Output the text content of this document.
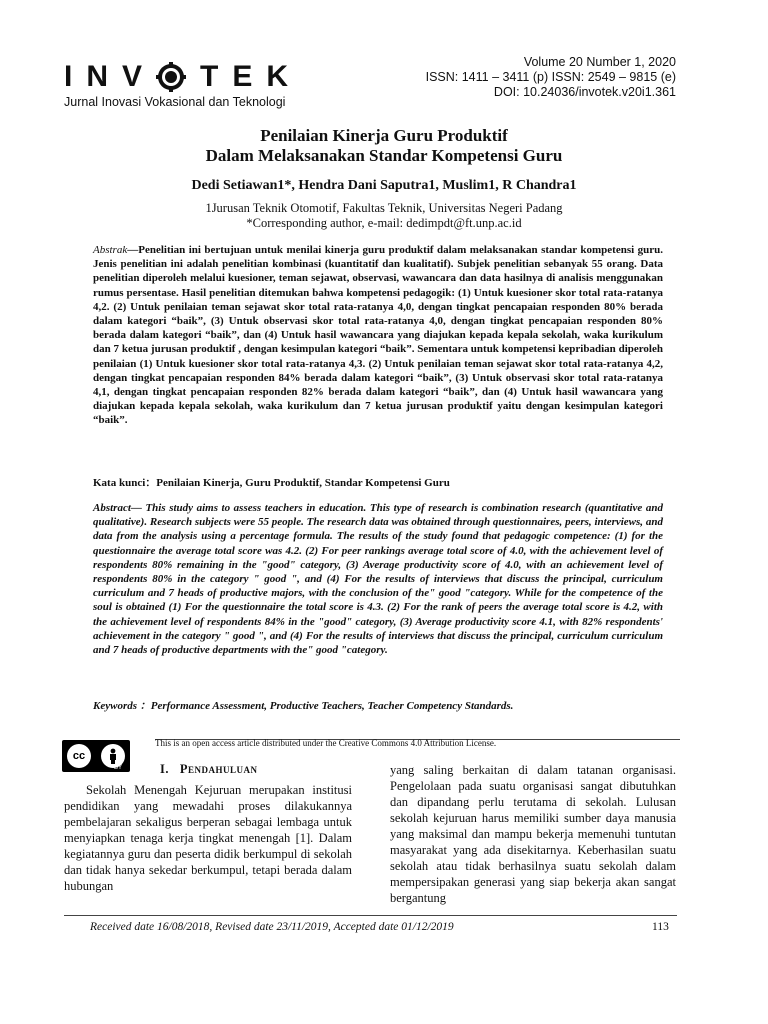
INV TEK
Jurnal Inovasi Vokasional dan Teknologi
Volume 20 Number 1, 2020
ISSN: 1411 – 3411 (p) ISSN: 2549 – 9815 (e)
DOI: 10.24036/invotek.v20i1.361
Penilaian Kinerja Guru Produktif
Dalam Melaksanakan Standar Kompetensi Guru
Dedi Setiawan1*, Hendra Dani Saputra1, Muslim1, R Chandra1
1Jurusan Teknik Otomotif, Fakultas Teknik, Universitas Negeri Padang
*Corresponding author, e-mail: dedimpdt@ft.unp.ac.id
Abstrak—Penelitian ini bertujuan untuk menilai kinerja guru produktif dalam melaksanakan standar kompetensi guru. Jenis penelitian ini adalah penelitian kombinasi (kuantitatif dan kualitatif). Subjek penelitian sebanyak 55 orang. Data penelitian diperoleh melalui kuesioner, teman sejawat, observasi, wawancara dan data hasilnya di analisis menggunakan rumus persentase. Hasil penelitian ditemukan bahwa kompetensi pedagogik: (1) Untuk kuesioner skor total rata-ratanya 4,2. (2) Untuk penilaian teman sejawat skor total rata-ratanya 4,0, dengan tingkat pencapaian responden 80% berada dalam kategori “baik”, (3) Untuk observasi skor total rata-ratanya 4,0, dengan tingkat pencapaian responden 80% berada dalam kategori “baik”, dan (4) Untuk hasil wawancara yang diajukan kepada kepala sekolah, waka kurikulum dan 7 ketua jurusan produktif , dengan kesimpulan kategori “baik”. Sementara untuk kompetensi kepribadian diperoleh penilaian (1) Untuk kuesioner skor total rata-ratanya 4,3. (2) Untuk penilaian teman sejawat skor total rata-ratanya 4,2, dengan tingkat pencapaian responden 84% berada dalam kategori “baik”, (3) Untuk observasi skor total rata-ratanya 4,1, dengan tingkat pencapaian responden 82% berada dalam kategori “baik”, dan (4) Untuk hasil wawancara yang diajukan kepada kepala sekolah, waka kurikulum dan 7 ketua jurusan produktif yaitu dengan kesimpulan kategori “baik”.
Kata kunci：Penilaian Kinerja, Guru Produktif, Standar Kompetensi Guru
Abstract— This study aims to assess teachers in education. This type of research is combination research (quantitative and qualitative). Research subjects were 55 people. The research data was obtained through questionnaires, peers, interviews, and data from the analysis using a percentage formula. The results of the study found that pedagogic competence: (1) for the questionnaire the average total score was 4.2. (2) For peer rankings average total score of 4.0, with the achievement level of respondents 80% remaining in the "good" category, (3) Average productivity score of 4.0, with an achievement level of respondents 80% in the category " good ", and (4) For the results of interviews that discuss the principal, curriculum curriculum and 7 heads of productive majors, with the conclusion of the" good "category. While for the competence of the soul is obtained (1) For the questionnaire the total score is 4.3. (2) For the rank of peers the average total score is 4.2, with the achievement level of respondents 84% in the "good" category, (3) Average productivity score 4.1, with 82% respondents' achievement in the category " good ", and (4) For the results of interviews that discuss the principal, curriculum curriculum and 7 heads of productive departments with the" good "category.
Keywords ：Performance Assessment, Productive Teachers, Teacher Competency Standards.
cc
BY
This is an open access article distributed under the Creative Commons 4.0 Attribution License.
I. Pendahuluan
Sekolah Menengah Kejuruan merupakan institusi pendidikan yang mewadahi proses dilakukannya pembelajaran sekaligus berperan sebagai lembaga untuk menyiapkan tenaga kerja tingkat menengah [1]. Dalam kegiatannya guru dan peserta didik berkumpul di sekolah dan tidak hanya sekedar berkumpul, tetapi berada dalam hubungan
yang saling berkaitan di dalam tatanan organisasi. Pengelolaan pada suatu organisasi sangat dibutuhkan dan dipandang perlu terutama di sekolah. Lulusan sekolah kejuruan harus memiliki sumber daya manusia yang maksimal dan mampu bekerja memenuhi tuntutan masyarakat yang ada disekitarnya. Keberhasilan suatu sekolah atau tidak berhasilnya suatu sekolah dalam mempersipakan generasi yang siap bekerja akan sangat bergantung
Received date 16/08/2018, Revised date 23/11/2019, Accepted date 01/12/2019	113
